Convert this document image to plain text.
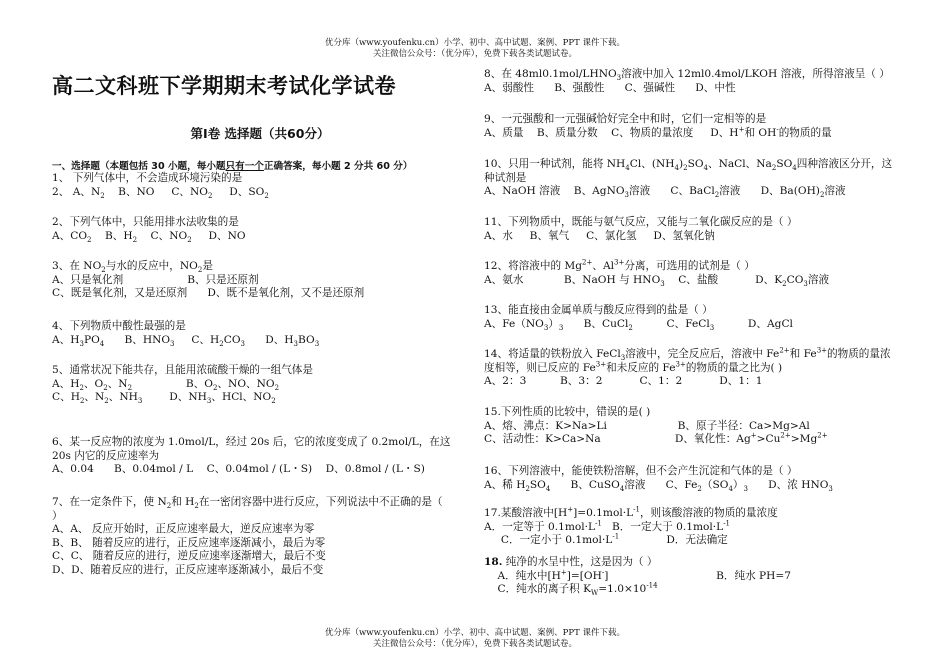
优分库（www.youfenku.cn）小学、初中、高中试题、案例、PPT 课件下载。
关注微信公众号：（优分库），免费下载各类试题试卷。
高二文科班下学期期末考试化学试卷
第Ⅰ卷 选择题（共60分）
一、选择题（本题包括 30 小题，每小题只有一个正确答案，每小题 2 分共 60 分）
1、 下列气体中，不会造成环境污染的是
2、 A、$N_2$    B、NO     C、$NO_2$     D、$SO_2$
2、下列气体中，只能用排水法收集的是
A、$CO_2$    B、$H_2$    C、$NO_2$     D、NO
3、在 $NO_2$与水的反应中，$NO_2$是
A、只是氧化剂                   B、只是还原剂
C、既是氧化剂，又是还原剂      D、既不是氧化剂，又不是还原剂
4、下列物质中酸性最强的是
A、$H_3PO_4$      B、$HNO_3$     C、$H_2CO_3$      D、$H_3BO_3$
5、通常状况下能共存，且能用浓硫酸干燥的一组气体是
A、$H_2$、$O_2$、$N_2$                B、$O_2$、NO、$NO_2$
C、$H_2$、$N_2$、$NH_3$        D、$NH_3$、HCl、$NO_2$
6、某一反应物的浓度为 1.0mol/L，经过 20s 后，它的浓度变成了 0.2mol/L，在这
20s 内它的反应速率为
A、0.04      B、0.04mol / L    C、0.04mol / (L・S)    D、0.8mol / (L・S)
7、在一定条件下，使 $N_2$和 $H_2$在一密闭容器中进行反应，下列说法中不正确的是（
）
A、A、 反应开始时，正反应速率最大，逆反应速率为零
B、B、 随着反应的进行，正反应速率逐渐减小，最后为零
C、C、 随着反应的进行，逆反应速率逐渐增大，最后不变
D、D、随着反应的进行，正反应速率逐渐减小，最后不变
8、在 $48ml0.1mol/LHNO_3$溶液中加入 12ml0.4mol/LKOH 溶液，所得溶液呈（ ）
A、弱酸性      B、强酸性      C、强碱性      D、中性
9、一元强酸和一元强碱恰好完全中和时，它们一定相等的是
A、质量    B、质量分数    C、物质的量浓度     D、H+和 OH-的物质的量
10、只用一种试剂，能将 $NH_4Cl$、$(NH_4)_2SO_4$、NaCl、$Na_2SO_4$四种溶液区分开，这
种试剂是
A、NaOH 溶液    B、AgNO$_3$溶液      C、BaCl$_2$溶液      D、$Ba(OH)_2$溶液
11、下列物质中，既能与氨气反应，又能与二氧化碳反应的是（ ）
A、水     B、氧气     C、氯化氢     D、氢氧化钠
12、将溶液中的 $Mg^{2+}$、$Al^{3+}$分离，可选用的试剂是（ ）
A、氨水            B、NaOH 与 $HNO_3$    C、盐酸           D、$K_2CO_3$溶液
13、能直接由金属单质与酸反应得到的盐是（ ）
A、$Fe(NO_3)_3$      B、CuCl$_2$          C、FeCl$_3$          D、AgCl
14、将适量的铁粉放入 FeCl$_3$溶液中，完全反应后，溶液中 $Fe^{2+}$和 $Fe^{3+}$的物质的量浓
度相等，则已反应的 $Fe^{3+}$和未反应的 $Fe^{3+}$的物质的量之比为( )
A、2：3          B、3：2           C、1：2           D、1：1
15.下列性质的比较中，错误的是( )
A、熔、沸点：K>Na>Li                     B、原子半径：Ca>Mg>Al
C、活动性：K>Ca>Na                      D、氧化性：$Ag^+>Cu^{2+}>Mg^{2+}$
16、下列溶液中，能使铁粉溶解，但不会产生沉淀和气体的是（ ）
A、稀 $H_2SO_4$      B、CuSO$_4$溶液      C、$Fe_2(SO_4)_3$      D、浓 $HNO_3$
17.某酸溶液中$[H^+]=0.1mol\cdot L^{-1}$，则该酸溶液的物质的量浓度
A．一定等于 $0.1mol\cdot L^{-1}$   B．一定大于 $0.1mol\cdot L^{-1}$
C．一定小于 $0.1mol\cdot L^{-1}$              D．无法确定
18. 纯净的水呈中性，这是因为（ ）
A．纯水中[H+]=[OH-]                                B．纯水 PH=7
C．纯水的离子积 $K_W=1.0\times 10^{-14}$
优分库（www.youfenku.cn）小学、初中、高中试题、案例、PPT 课件下载。
关注微信公众号：（优分库），免费下载各类试题试卷。
